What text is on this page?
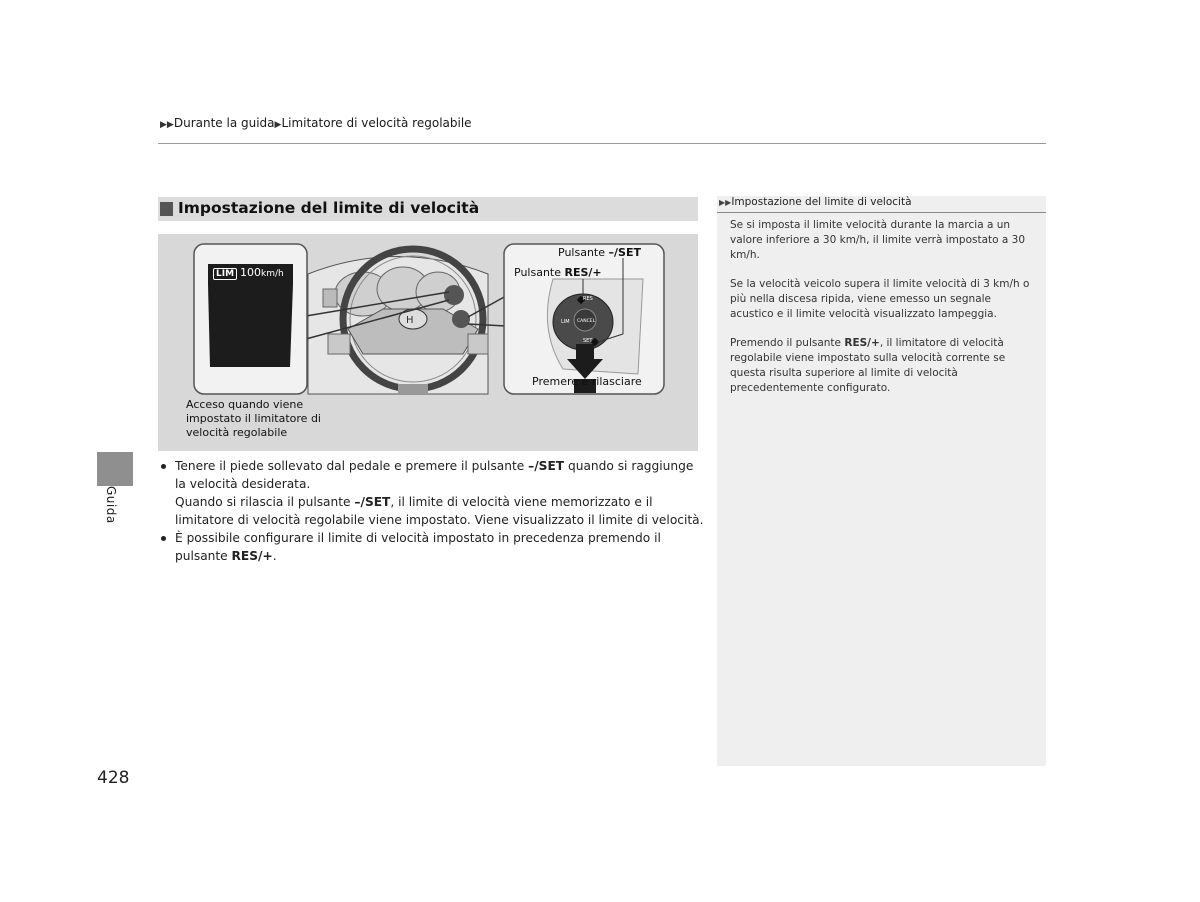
▶▶Durante la guida▶Limitatore di velocità regolabile
Impostazione del limite di velocità
H
LIM 100km/h
RES
LIM CANCEL
SET
Pulsante –/SET
Pulsante RES/+
Premere e rilasciare
Acceso quando viene impostato il limitatore di velocità regolabile
Tenere il piede sollevato dal pedale e premere il pulsante –/SET quando si raggiunge la velocità desiderata.
Quando si rilascia il pulsante –/SET, il limite di velocità viene memorizzato e il limitatore di velocità regolabile viene impostato. Viene visualizzato il limite di velocità.
È possibile configurare il limite di velocità impostato in precedenza premendo il pulsante RES/+.
Guida
428
▶▶Impostazione del limite di velocità

Se si imposta il limite velocità durante la marcia a un valore inferiore a 30 km/h, il limite verrà impostato a 30 km/h.

Se la velocità veicolo supera il limite velocità di 3 km/h o più nella discesa ripida, viene emesso un segnale acustico e il limite velocità visualizzato lampeggia.

Premendo il pulsante RES/+, il limitatore di velocità regolabile viene impostato sulla velocità corrente se questa risulta superiore al limite di velocità precedentemente configurato.
